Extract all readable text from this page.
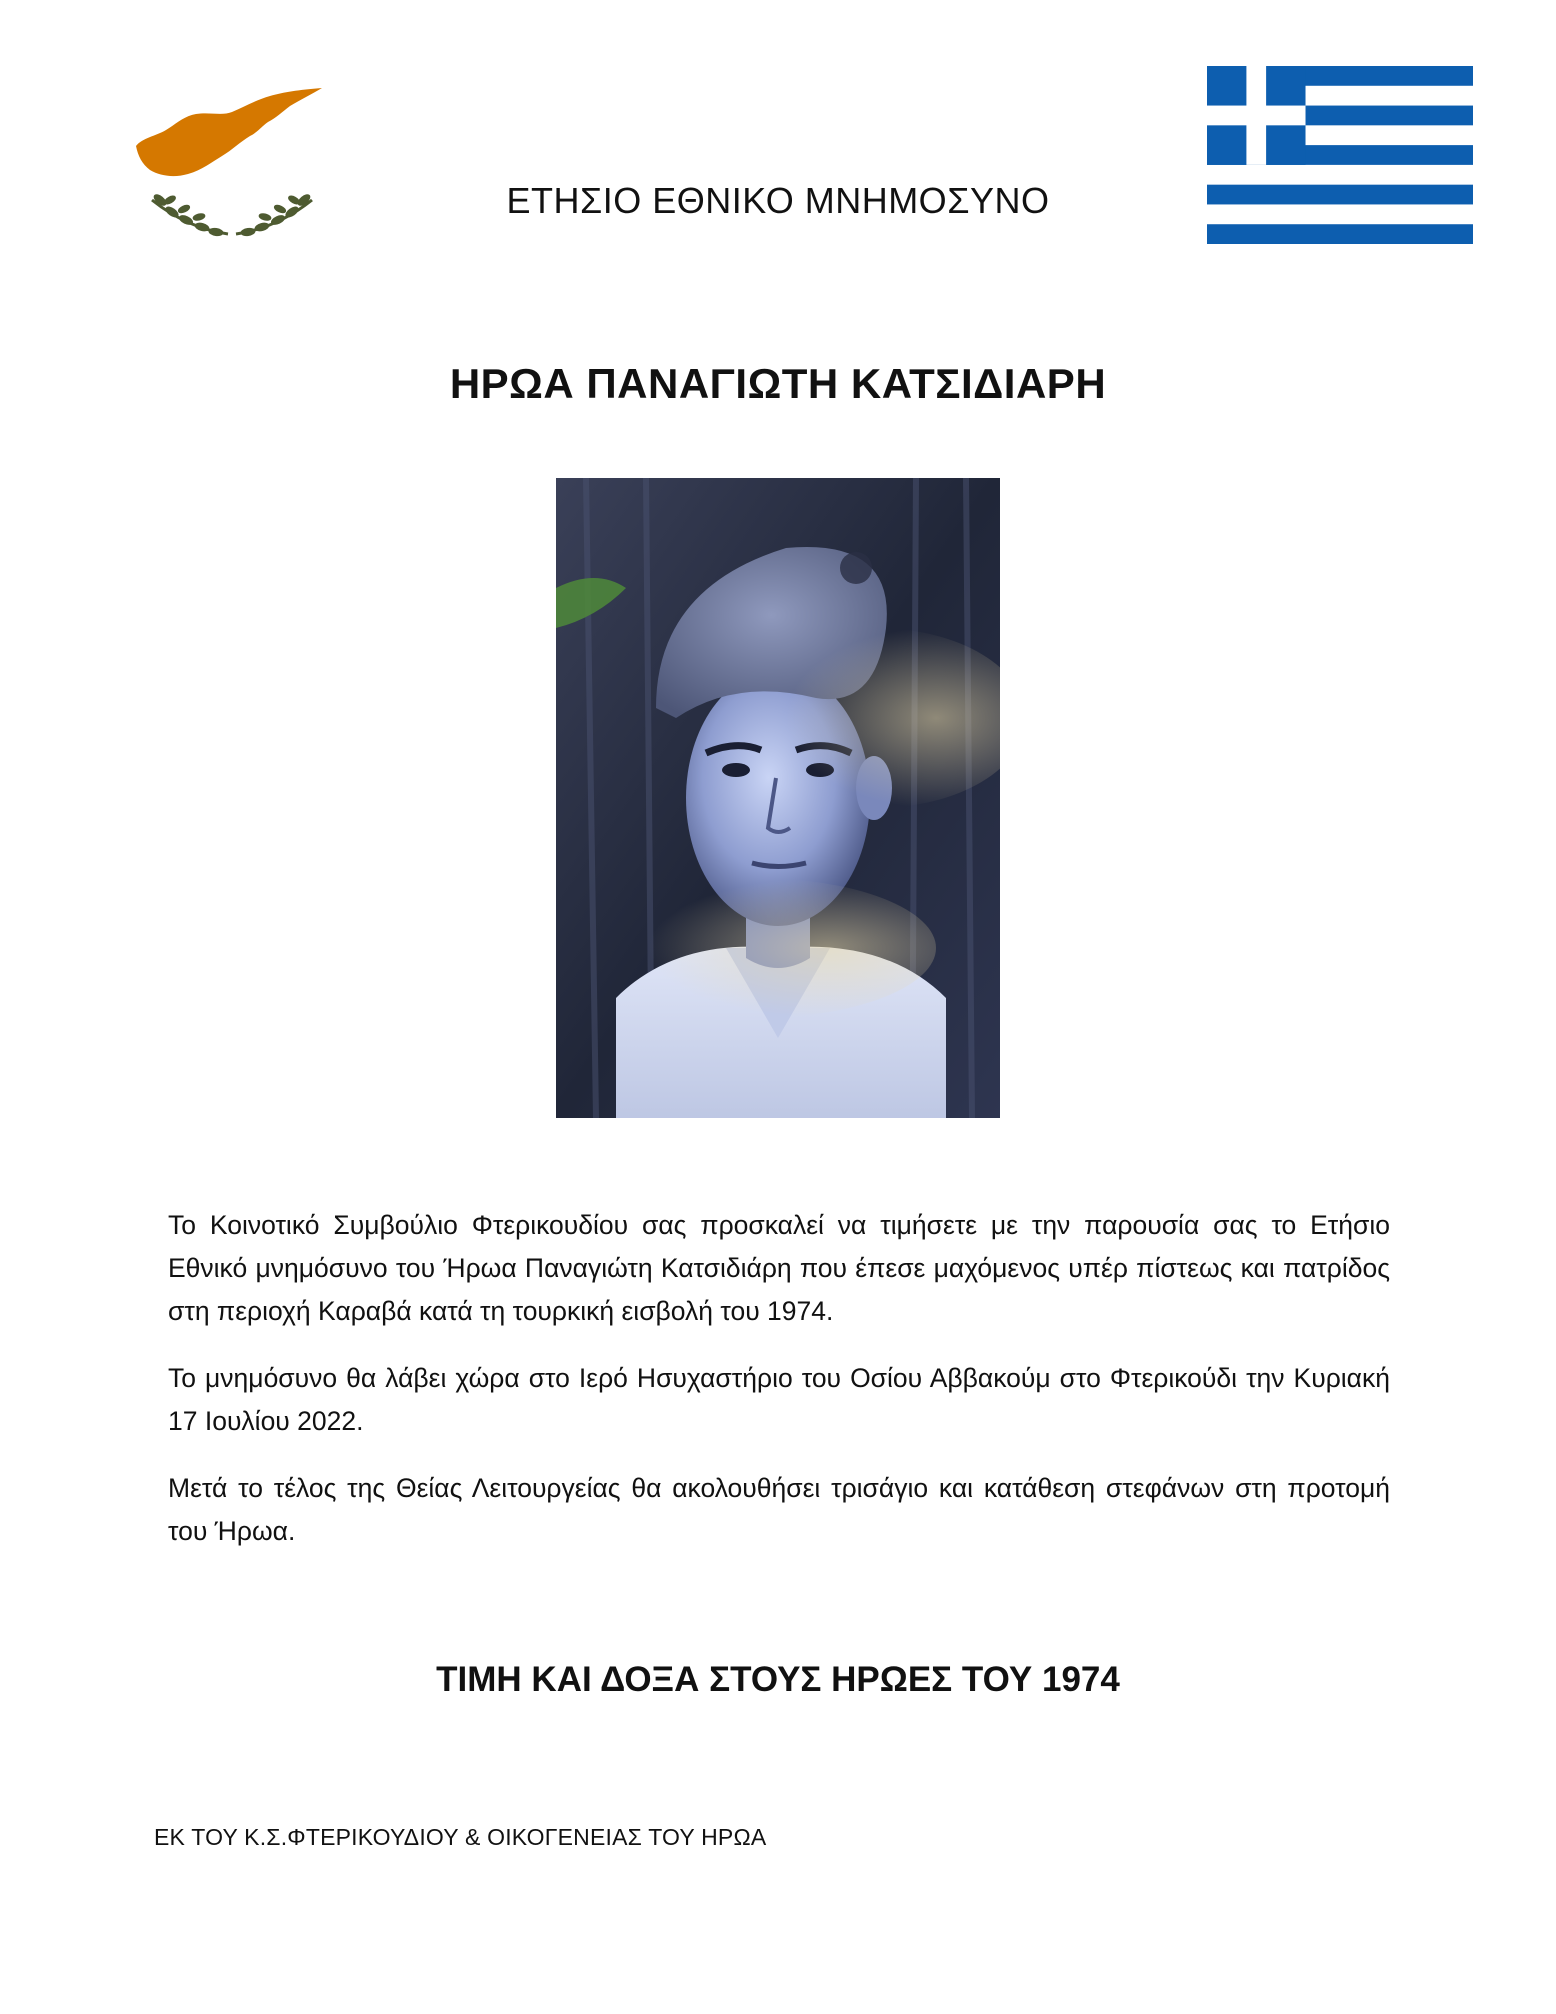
ΕΤΗΣΙΟ ΕΘΝΙΚΟ ΜΝΗΜΟΣΥΝΟ
ΗΡΩΑ ΠΑΝΑΓΙΩΤΗ ΚΑΤΣΙΔΙΑΡΗ

Το Κοινοτικό Συμβούλιο Φτερικουδίου σας προσκαλεί να τιμήσετε με την παρουσία σας το Ετήσιο Εθνικό μνημόσυνο του Ήρωα Παναγιώτη Κατσιδιάρη που έπεσε μαχόμενος υπέρ πίστεως και πατρίδος στη περιοχή Καραβά κατά τη τουρκική εισβολή του 1974.

Το μνημόσυνο θα λάβει χώρα στο Ιερό Ησυχαστήριο του Οσίου Αββακούμ στο Φτερικούδι την Κυριακή 17 Ιουλίου 2022.

Μετά το τέλος της Θείας Λειτουργείας θα ακολουθήσει τρισάγιο και κατάθεση στεφάνων στη προτομή του Ήρωα.

ΤΙΜΗ ΚΑΙ ΔΟΞΑ ΣΤΟΥΣ ΗΡΩΕΣ ΤΟΥ 1974
ΕΚ ΤΟΥ Κ.Σ.ΦΤΕΡΙΚΟΥΔΙΟΥ & ΟΙΚΟΓΕΝΕΙΑΣ ΤΟΥ ΗΡΩΑ
